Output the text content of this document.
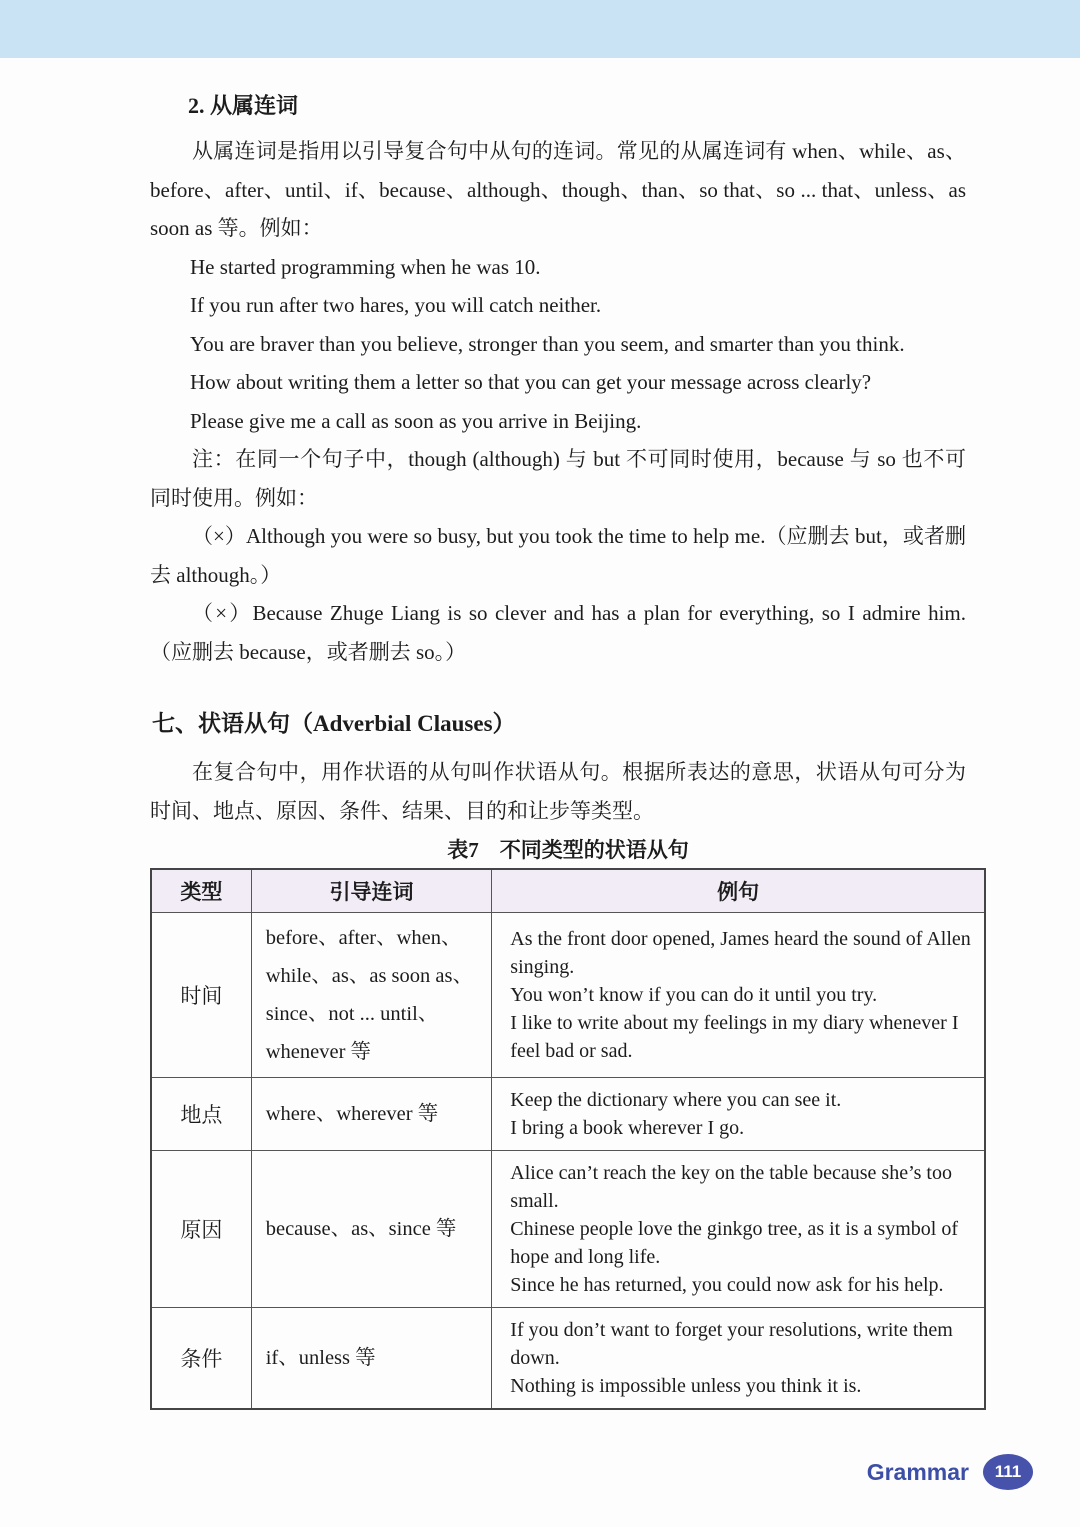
2. 从属连词

从属连词是指用以引导复合句中从句的连词。常见的从属连词有 when、while、as、before、after、until、if、because、although、though、than、so that、so ... that、unless、as soon as 等。例如：

He started programming when he was 10.
If you run after two hares, you will catch neither.
You are braver than you believe, stronger than you seem, and smarter than you think.
How about writing them a letter so that you can get your message across clearly?
Please give me a call as soon as you arrive in Beijing.

注：在同一个句子中，though (although) 与 but 不可同时使用，because 与 so 也不可同时使用。例如：

（×）Although you were so busy, but you took the time to help me.（应删去 but，或者删去 although。）

（×）Because Zhuge Liang is so clever and has a plan for everything, so I admire him.（应删去 because，或者删去 so。）

七、状语从句（Adverbial Clauses）

在复合句中，用作状语的从句叫作状语从句。根据所表达的意思，状语从句可分为时间、地点、原因、条件、结果、目的和让步等类型。

表7　不同类型的状语从句
类型	引导连词	例句
时间	before、after、when、while、as、as soon as、since、not ... until、whenever 等	As the front door opened, James heard the sound of Allen singing.
You won’t know if you can do it until you try.
I like to write about my feelings in my diary whenever I feel bad or sad.

地点	where、wherever 等	Keep the dictionary where you can see it.
I bring a book wherever I go.

原因	because、as、since 等	Alice can’t reach the key on the table because she’s too small.
Chinese people love the ginkgo tree, as it is a symbol of hope and long life.
Since he has returned, you could now ask for his help.

条件	if、unless 等	If you don’t want to forget your resolutions, write them down.
Nothing is impossible unless you think it is.
Grammar	111
